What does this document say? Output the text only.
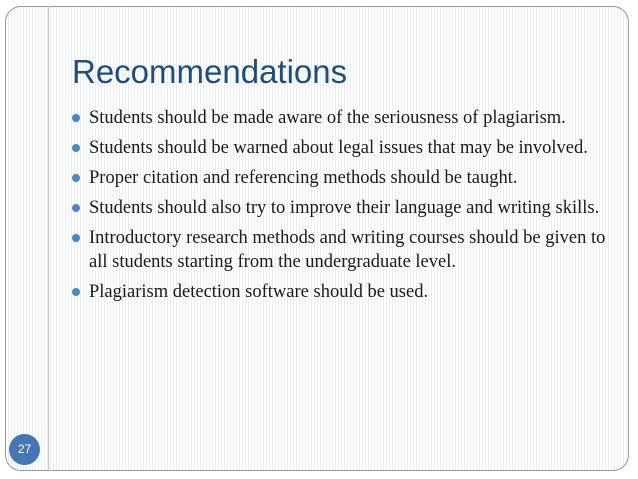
Recommendations
Students should be made aware of the seriousness of plagiarism.
Students should be warned about legal issues that may be involved.
Proper citation and referencing methods should be taught.
Students should also try to improve their language and writing skills.
Introductory research methods and writing courses should be given to all students starting from the undergraduate level.
Plagiarism detection software should be used.
27
